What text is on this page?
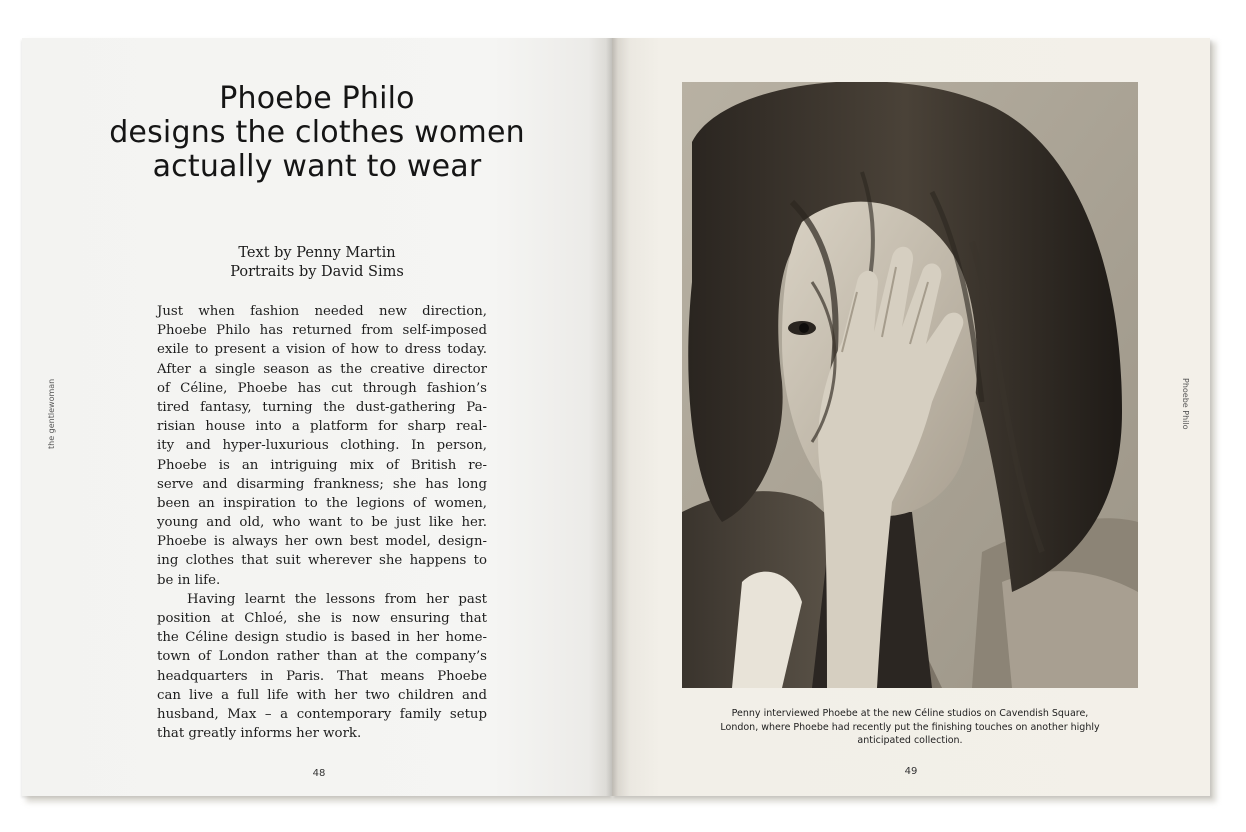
Phoebe Philo
designs the clothes women
actually want to wear
Text by Penny Martin
Portraits by David Sims
Just when fashion needed new direction,
Phoebe Philo has returned from self-imposed
exile to present a vision of how to dress today.
After a single season as the creative director
of Céline, Phoebe has cut through fashion’s
tired fantasy, turning the dust-gathering Pa-
risian house into a platform for sharp real-
ity and hyper-luxurious clothing. In person,
Phoebe is an intriguing mix of British re-
serve and disarming frankness; she has long
been an inspiration to the legions of women,
young and old, who want to be just like her.
Phoebe is always her own best model, design-
ing clothes that suit wherever she happens to
be in life.
Having learnt the lessons from her past
position at Chloé, she is now ensuring that
the Céline design studio is based in her home-
town of London rather than at the company’s
headquarters in Paris. That means Phoebe
can live a full life with her two children and
husband, Max – a contemporary family setup
that greatly informs her work.
the gentlewoman
48
Penny interviewed Phoebe at the new Céline studios on Cavendish Square,
London, where Phoebe had recently put the finishing touches on another highly
anticipated collection.
Phoebe Philo
49
